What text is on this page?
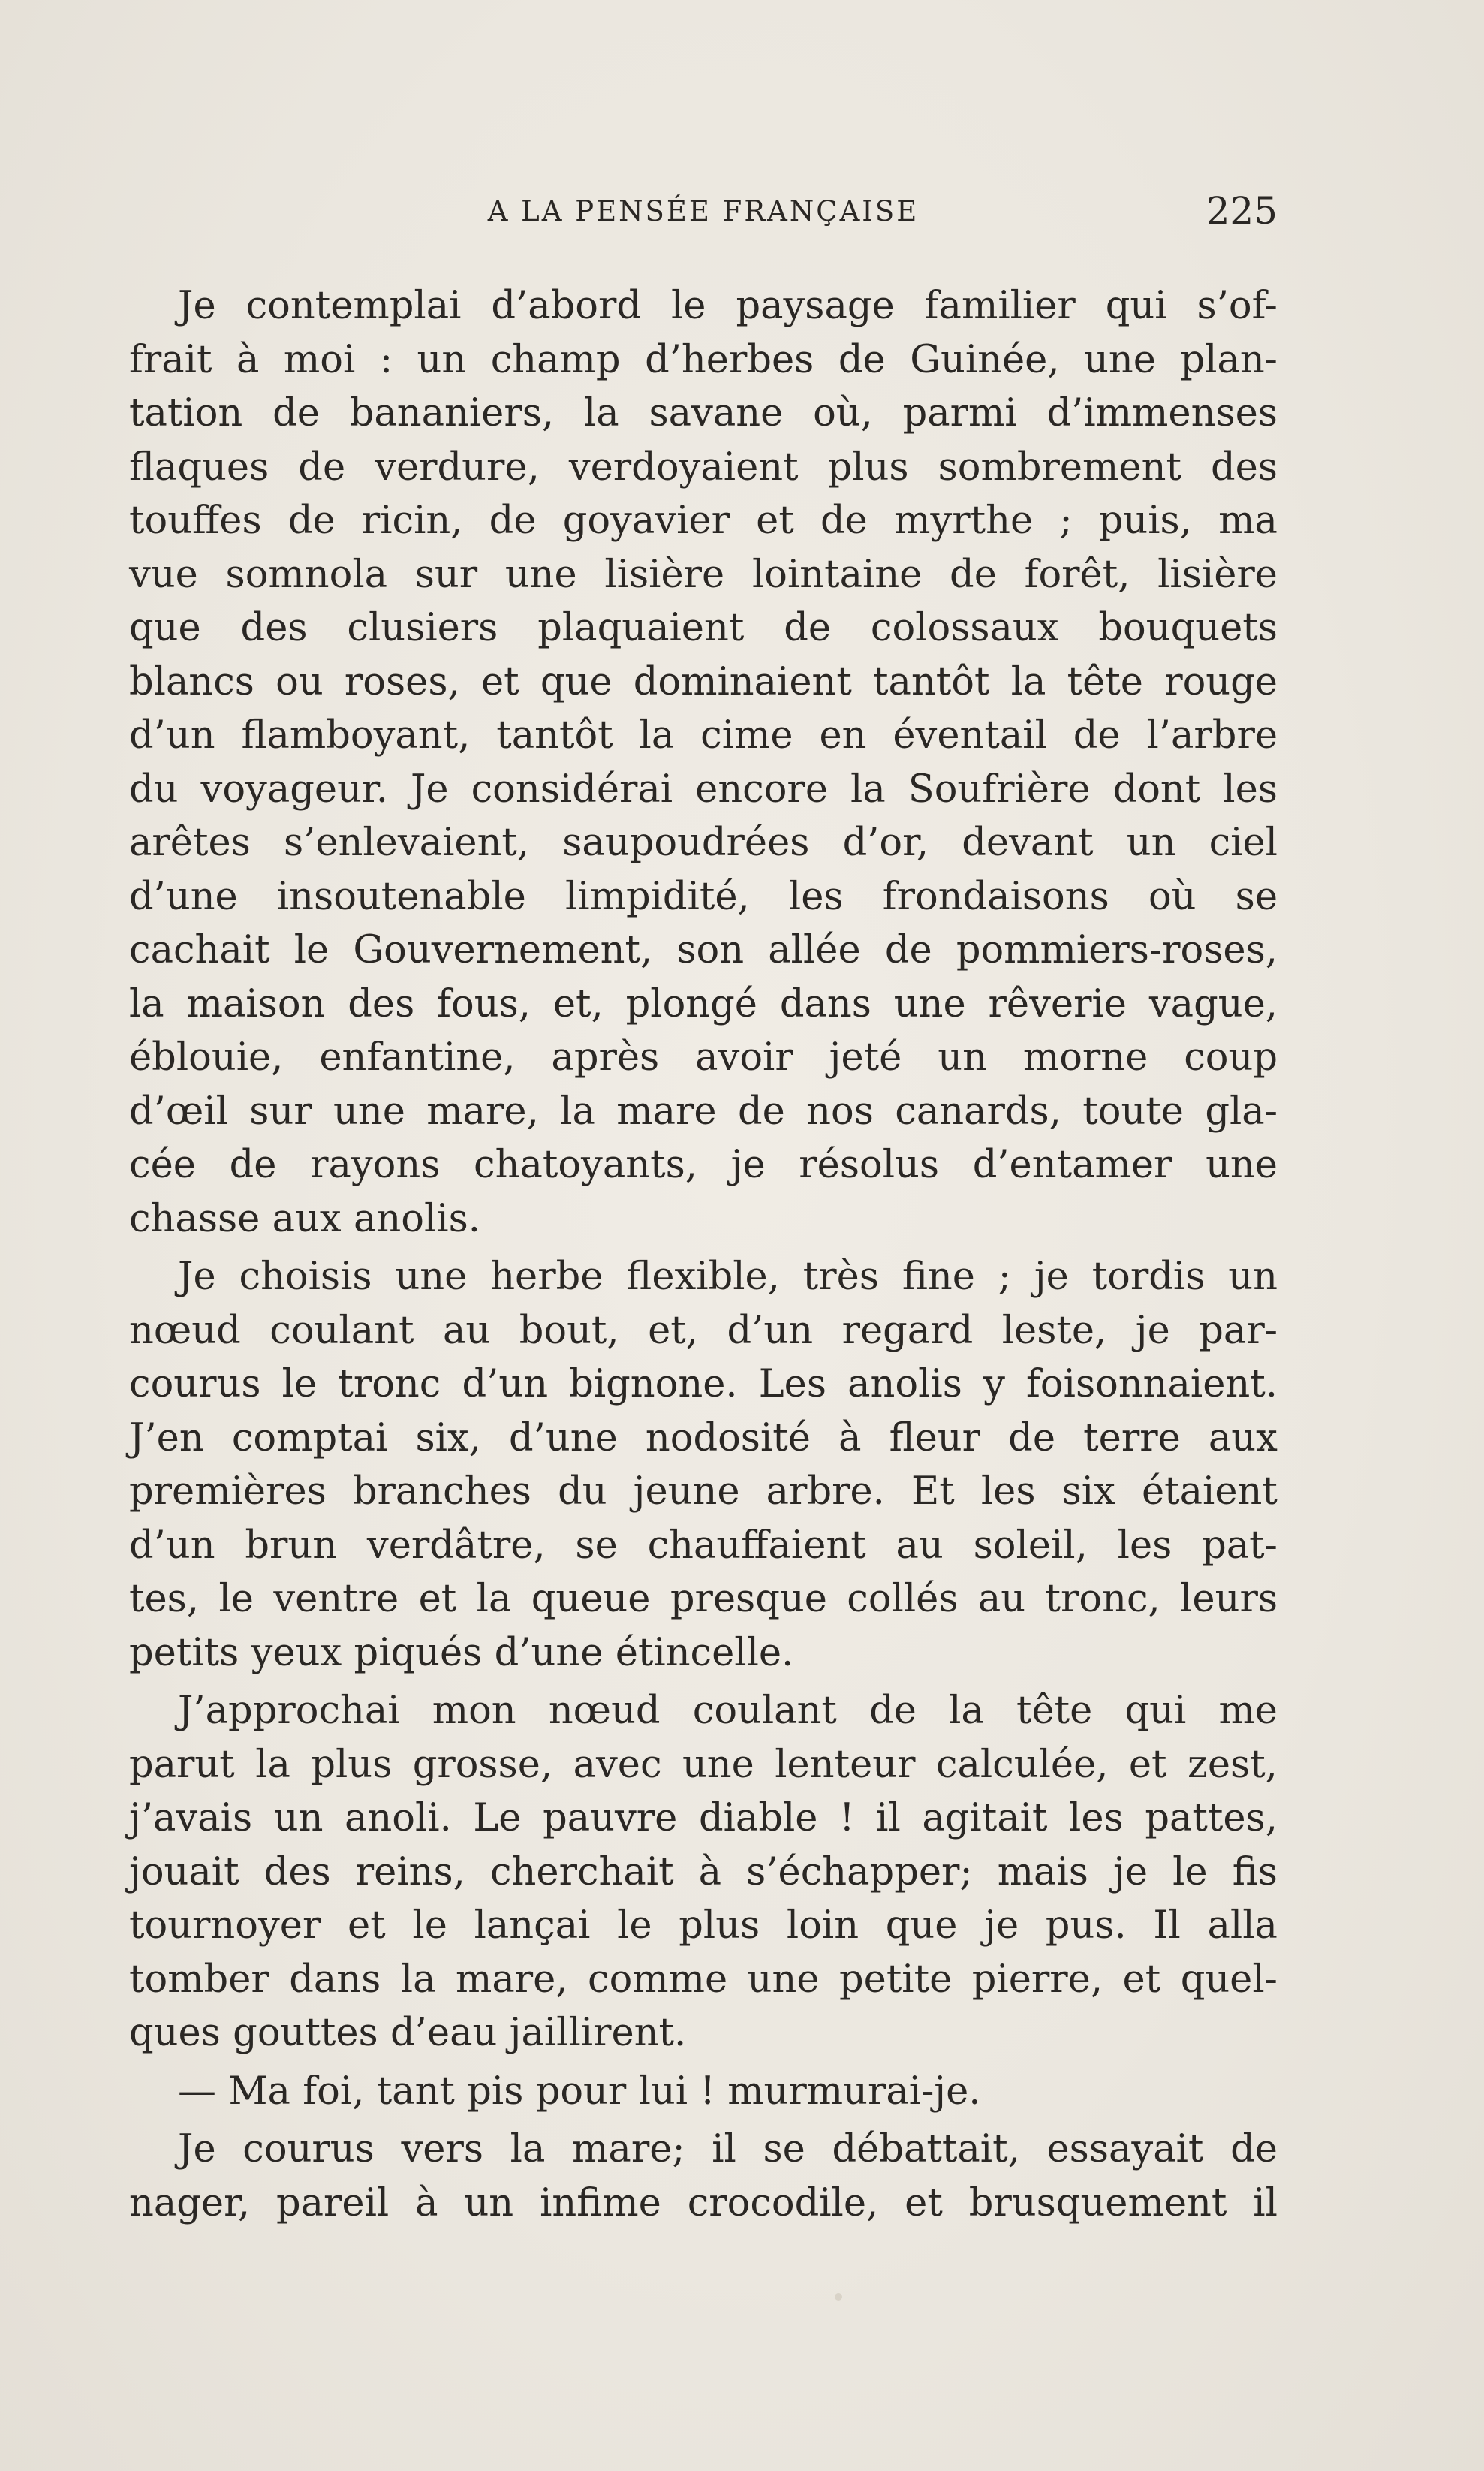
A LA PENSÉE FRANÇAISE	225
Je contemplai d’abord le paysage familier qui s’of-
frait à moi : un champ d’herbes de Guinée, une plan-
tation de bananiers, la savane où, parmi d’immenses
flaques de verdure, verdoyaient plus sombrement des
touffes de ricin, de goyavier et de myrthe ; puis, ma
vue somnola sur une lisière lointaine de forêt, lisière
que des clusiers plaquaient de colossaux bouquets
blancs ou roses, et que dominaient tantôt la tête rouge
d’un flamboyant, tantôt la cime en éventail de l’arbre
du voyageur. Je considérai encore la Soufrière dont les
arêtes s’enlevaient, saupoudrées d’or, devant un ciel
d’une insoutenable limpidité, les frondaisons où se
cachait le Gouvernement, son allée de pommiers-roses,
la maison des fous, et, plongé dans une rêverie vague,
éblouie, enfantine, après avoir jeté un morne coup
d’œil sur une mare, la mare de nos canards, toute gla-
cée de rayons chatoyants, je résolus d’entamer une
chasse aux anolis.
Je choisis une herbe flexible, très fine ; je tordis un
nœud coulant au bout, et, d’un regard leste, je par-
courus le tronc d’un bignone. Les anolis y foisonnaient.
J’en comptai six, d’une nodosité à fleur de terre aux
premières branches du jeune arbre. Et les six étaient
d’un brun verdâtre, se chauffaient au soleil, les pat-
tes, le ventre et la queue presque collés au tronc, leurs
petits yeux piqués d’une étincelle.
J’approchai mon nœud coulant de la tête qui me
parut la plus grosse, avec une lenteur calculée, et zest,
j’avais un anoli. Le pauvre diable ! il agitait les pattes,
jouait des reins, cherchait à s’échapper; mais je le fis
tournoyer et le lançai le plus loin que je pus. Il alla
tomber dans la mare, comme une petite pierre, et quel-
ques gouttes d’eau jaillirent.
— Ma foi, tant pis pour lui ! murmurai-je.
Je courus vers la mare; il se débattait, essayait de
nager, pareil à un infime crocodile, et brusquement il
